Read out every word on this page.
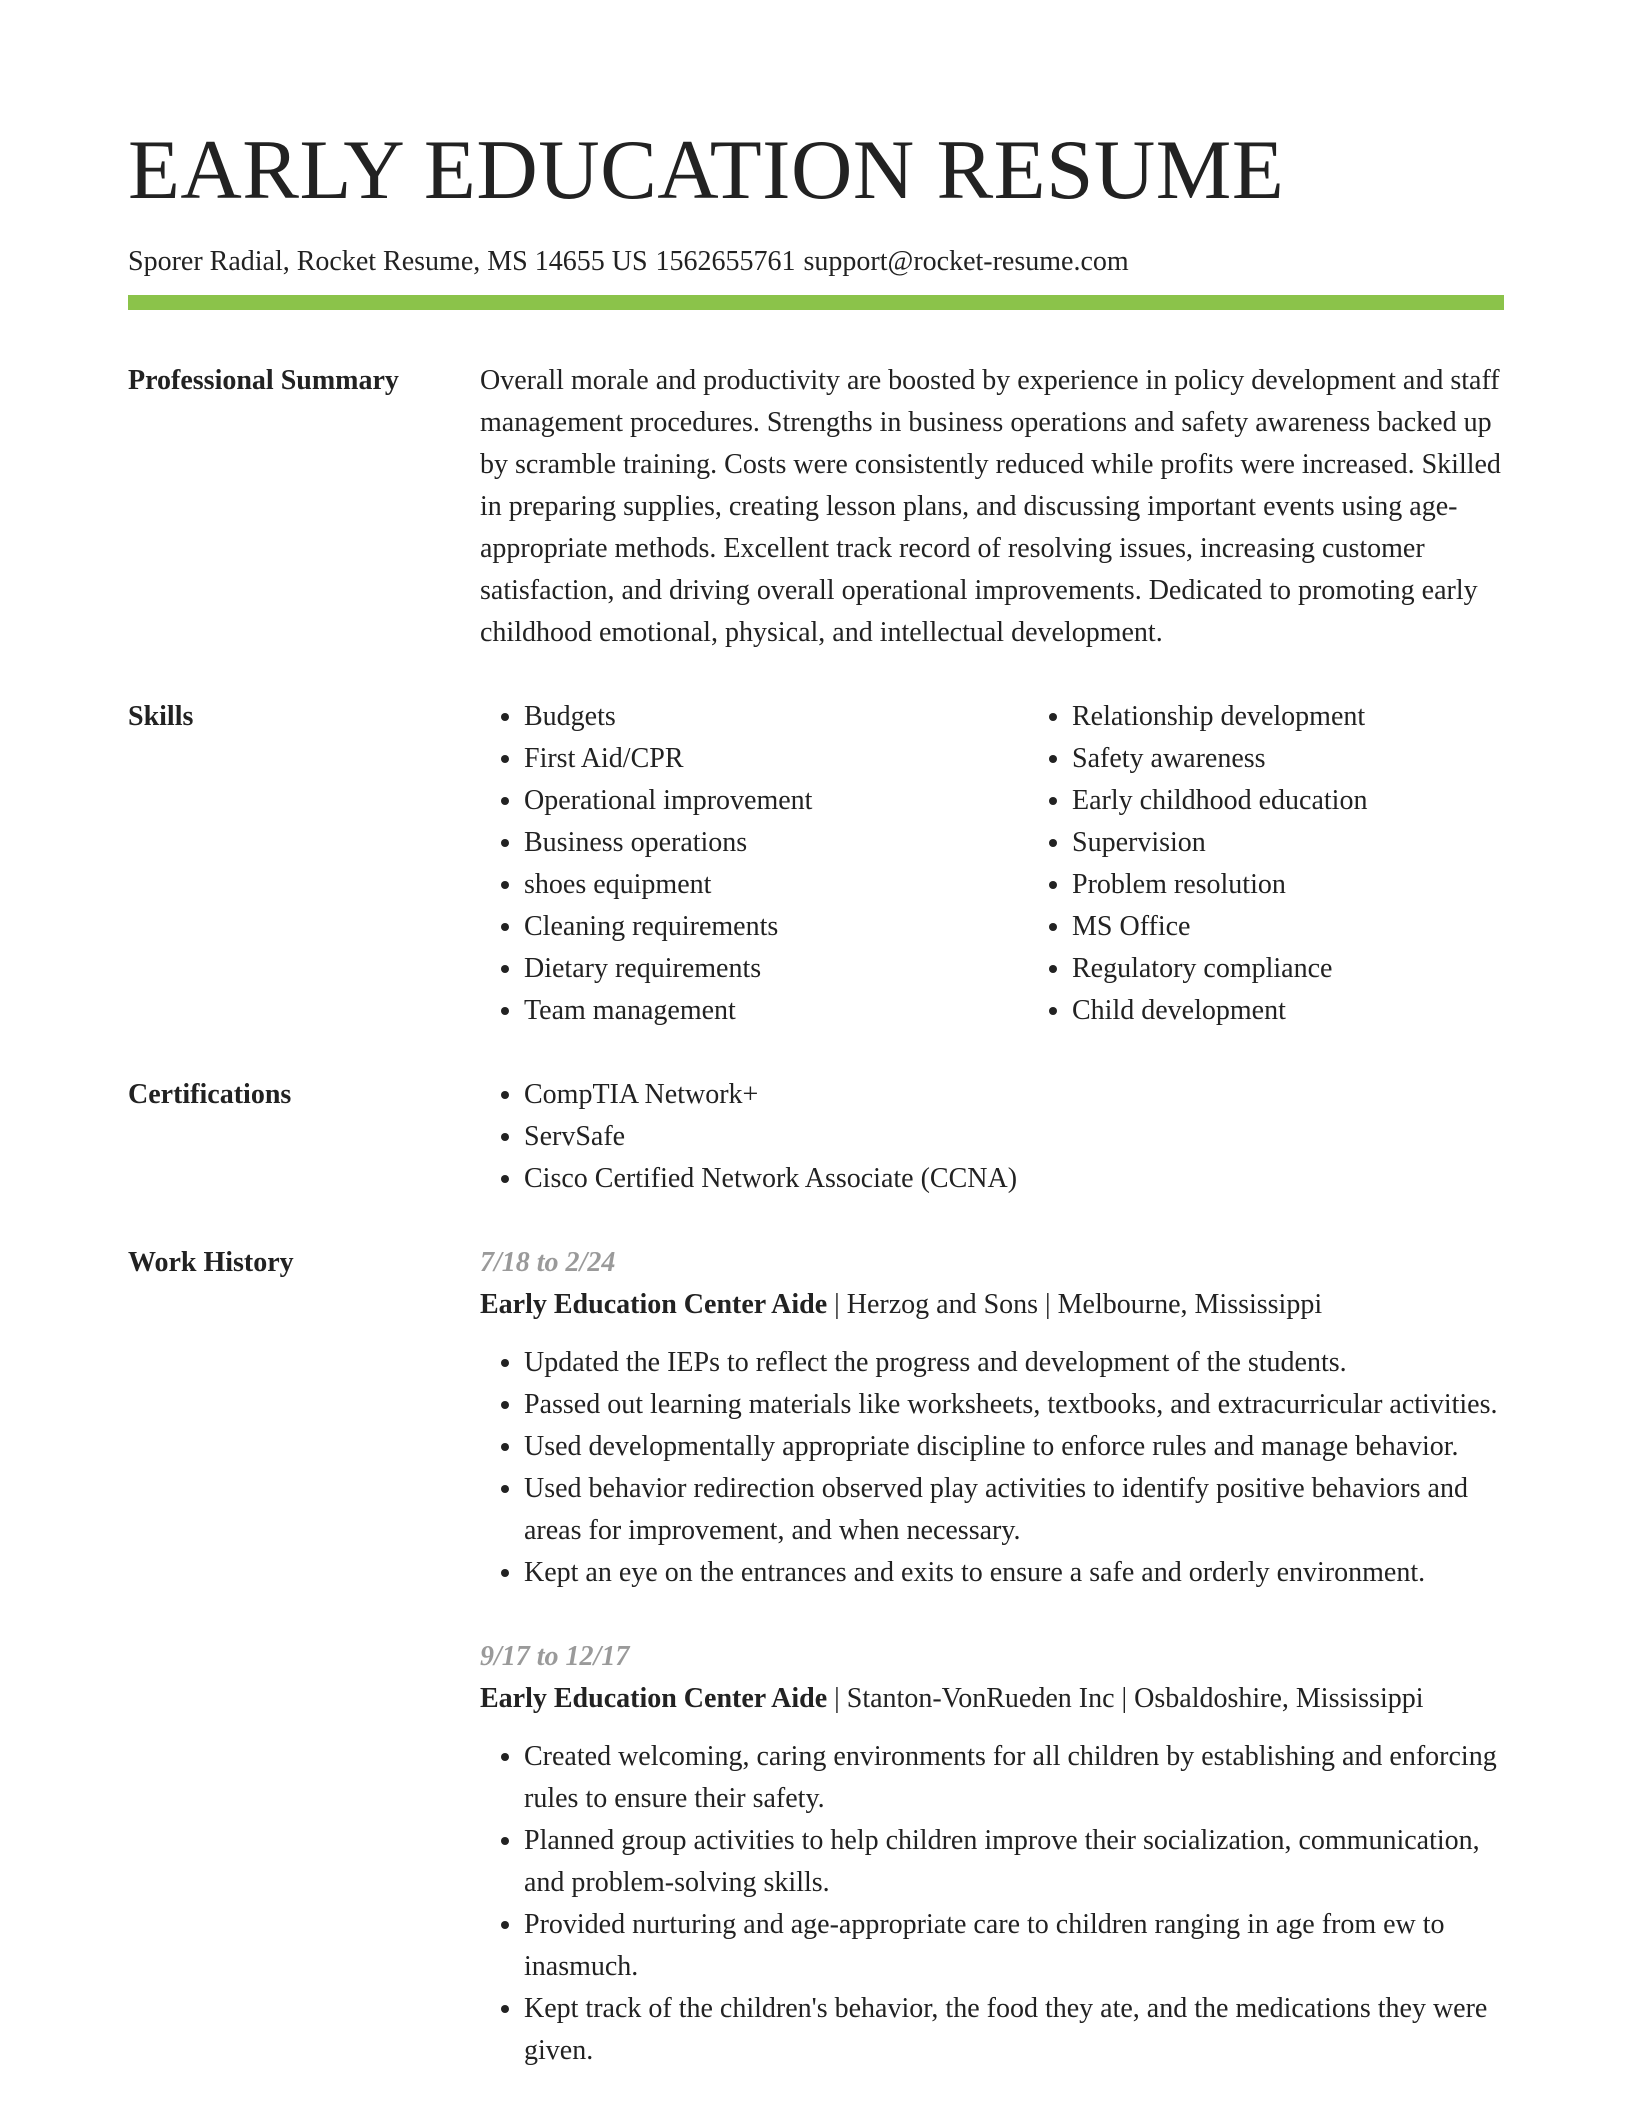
EARLY EDUCATION RESUME
Sporer Radial, Rocket Resume, MS 14655 US 1562655761 support@rocket-resume.com
Professional Summary	Overall morale and productivity are boosted by experience in policy development and staff management procedures. Strengths in business operations and safety awareness backed up by scramble training. Costs were consistently reduced while profits were increased. Skilled in preparing supplies, creating lesson plans, and discussing important events using age-appropriate methods. Excellent track record of resolving issues, increasing customer satisfaction, and driving overall operational improvements. Dedicated to promoting early childhood emotional, physical, and intellectual development.

Skills	• Budgets
• First Aid/CPR
• Operational improvement
• Business operations
• shoes equipment
• Cleaning requirements
• Dietary requirements
• Team management
• Relationship development
• Safety awareness
• Early childhood education
• Supervision
• Problem resolution
• MS Office
• Regulatory compliance
• Child development
Certifications	• CompTIA Network+
• ServSafe
• Cisco Certified Network Associate (CCNA)
Work History	7/18 to 2/24
Early Education Center Aide | Herzog and Sons | Melbourne, Mississippi
• Updated the IEPs to reflect the progress and development of the students.
• Passed out learning materials like worksheets, textbooks, and extracurricular activities.
• Used developmentally appropriate discipline to enforce rules and manage behavior.
• Used behavior redirection observed play activities to identify positive behaviors and areas for improvement, and when necessary.
• Kept an eye on the entrances and exits to ensure a safe and orderly environment.
9/17 to 12/17
Early Education Center Aide | Stanton-VonRueden Inc | Osbaldoshire, Mississippi
• Created welcoming, caring environments for all children by establishing and enforcing rules to ensure their safety.
• Planned group activities to help children improve their socialization, communication, and problem-solving skills.
• Provided nurturing and age-appropriate care to children ranging in age from ew to inasmuch.
• Kept track of the children's behavior, the food they ate, and the medications they were given.
